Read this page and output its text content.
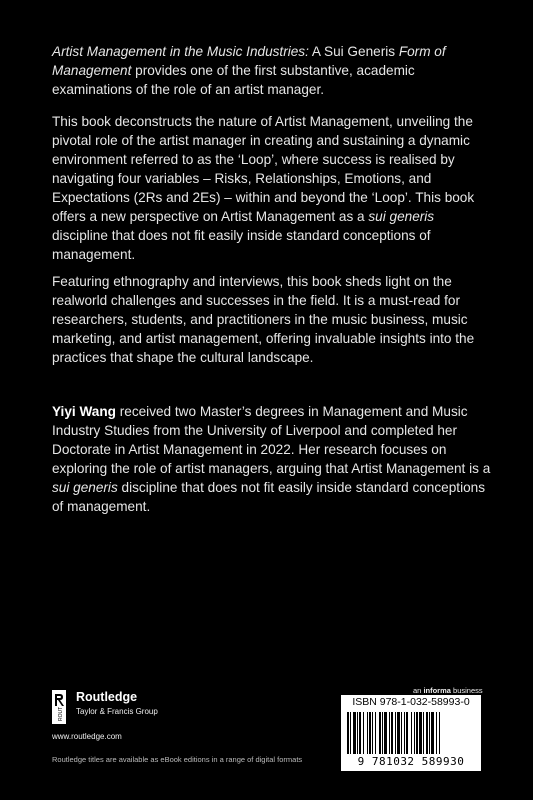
Artist Management in the Music Industries: A Sui Generis Form of Management provides one of the first substantive, academic examinations of the role of an artist manager.

This book deconstructs the nature of Artist Management, unveiling the pivotal role of the artist manager in creating and sustaining a dynamic environment referred to as the ‘Loop’, where success is realised by navigating four variables – Risks, Relationships, Emotions, and Expectations (2Rs and 2Es) – within and beyond the ‘Loop’. This book offers a new perspective on Artist Management as a sui generis discipline that does not fit easily inside standard conceptions of management.

Featuring ethnography and interviews, this book sheds light on the realworld challenges and successes in the field. It is a must-read for researchers, students, and practitioners in the music business, music marketing, and artist management, offering invaluable insights into the practices that shape the cultural landscape.

Yiyi Wang received two Master’s degrees in Management and Music Industry Studies from the University of Liverpool and completed her Doctorate in Artist Management in 2022. Her research focuses on exploring the role of artist managers, arguing that Artist Management is a sui generis discipline that does not fit easily inside standard conceptions of management.

ROUT
Routledge
Taylor & Francis Group
www.routledge.com
Routledge titles are available as eBook editions in a range of digital formats
an informa business
ISBN 978-1-032-58993-0
9 781032 589930
